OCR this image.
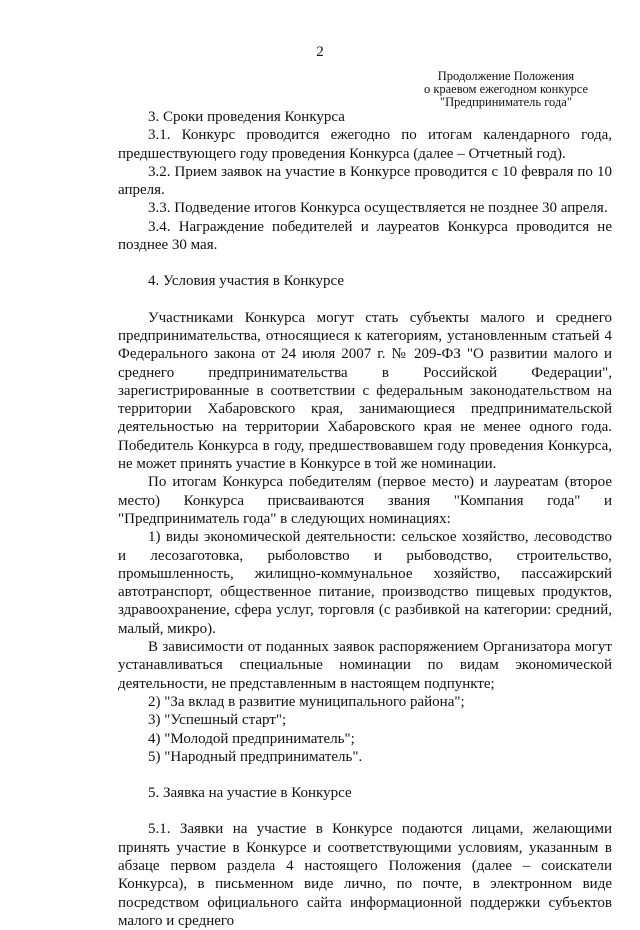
2
Продолжение Положения
о краевом ежегодном конкурсе
"Предприниматель года"

3. Сроки проведения Конкурса

3.1. Конкурс проводится ежегодно по итогам календарного года, предшествующего году проведения Конкурса (далее – Отчетный год).

3.2. Прием заявок на участие в Конкурсе проводится с 10 февраля по 10 апреля.

3.3. Подведение итогов Конкурса осуществляется не позднее 30 апреля.

3.4. Награждение победителей и лауреатов Конкурса проводится не позднее 30 мая.

4. Условия участия в Конкурсе

Участниками Конкурса могут стать субъекты малого и среднего предпринимательства, относящиеся к категориям, установленным статьей 4 Федерального закона от 24 июля 2007 г. № 209-ФЗ "О развитии малого и среднего предпринимательства в Российской Федерации", зарегистрированные в соответствии с федеральным законодательством на территории Хабаровского края, занимающиеся предпринимательской деятельностью на территории Хабаровского края не менее одного года. Победитель Конкурса в году, предшествовавшем году проведения Конкурса, не может принять участие в Конкурсе в той же номинации.

По итогам Конкурса победителям (первое место) и лауреатам (второе место) Конкурса присваиваются звания "Компания года" и "Предприниматель года" в следующих номинациях:

1) виды экономической деятельности: сельское хозяйство, лесоводство и лесозаготовка, рыболовство и рыбоводство, строительство, промышленность, жилищно-коммунальное хозяйство, пассажирский автотранспорт, общественное питание, производство пищевых продуктов, здравоохранение, сфера услуг, торговля (с разбивкой на категории: средний, малый, микро).

В зависимости от поданных заявок распоряжением Организатора могут устанавливаться специальные номинации по видам экономической деятельности, не представленным в настоящем подпункте;

2) "За вклад в развитие муниципального района";

3) "Успешный старт";

4) "Молодой предприниматель";

5) "Народный предприниматель".

5. Заявка на участие в Конкурсе

5.1. Заявки на участие в Конкурсе подаются лицами, желающими принять участие в Конкурсе и соответствующими условиям, указанным в абзаце первом раздела 4 настоящего Положения (далее – соискатели Конкурса), в письменном виде лично, по почте, в электронном виде посредством официального сайта информационной поддержки субъектов малого и среднего
